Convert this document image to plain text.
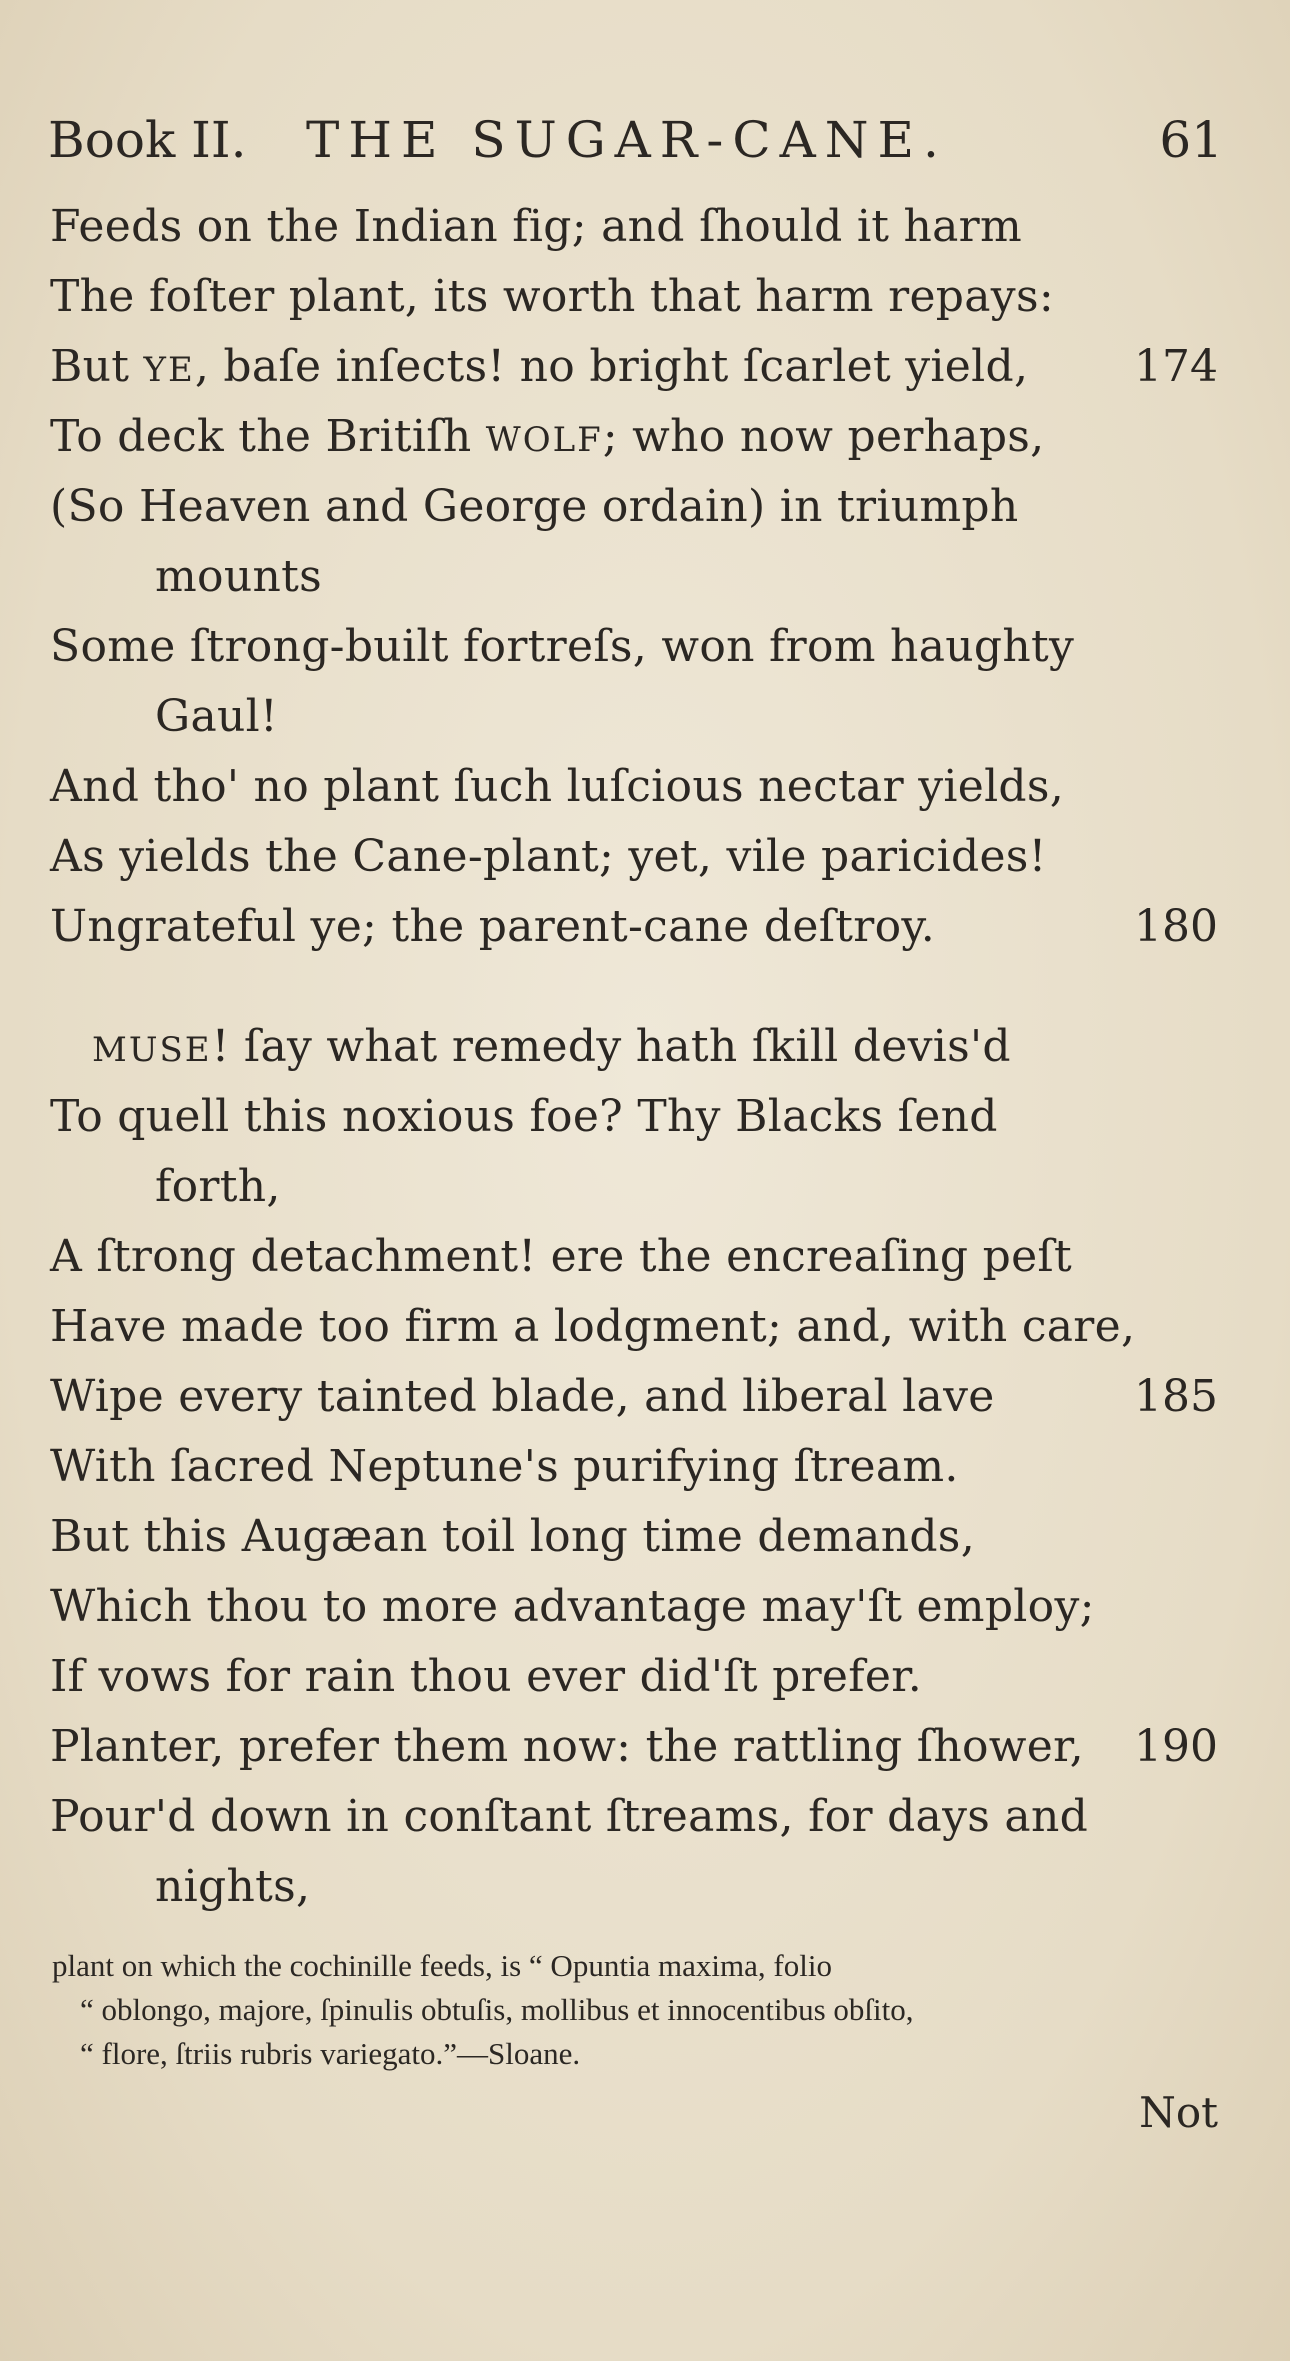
Book II. THE SUGAR-CANE.	61
Feeds on the Indian fig; and ſhould it harm
The foſter plant, its worth that harm repays:
But YE, baſe inſects! no bright ſcarlet yield, 174
To deck the Britiſh WOLF; who now perhaps,
(So Heaven and George ordain) in triumph
mounts
Some ſtrong-built fortreſs, won from haughty
Gaul!
And tho' no plant ſuch luſcious nectar yields,
As yields the Cane-plant; yet, vile paricides!
Ungrateful ye; the parent-cane deſtroy.	180
MUSE! ſay what remedy hath ſkill devis'd
To quell this noxious foe? Thy Blacks ſend
forth,
A ſtrong detachment! ere the encreaſing peſt
Have made too firm a lodgment; and, with care,
Wipe every tainted blade, and liberal lave	185
With ſacred Neptune's purifying ſtream.
But this Augæan toil long time demands,
Which thou to more advantage may'ſt employ;
If vows for rain thou ever did'ſt prefer.
Planter, prefer them now: the rattling ſhower, 190
Pour'd down in conſtant ſtreams, for days and
nights,
plant on which the cochinille feeds, is “ Opuntia maxima, folio
“ oblongo, majore, ſpinulis obtuſis, mollibus et innocentibus obſito,
“ flore, ſtriis rubris variegato.”—Sloane.
Not
